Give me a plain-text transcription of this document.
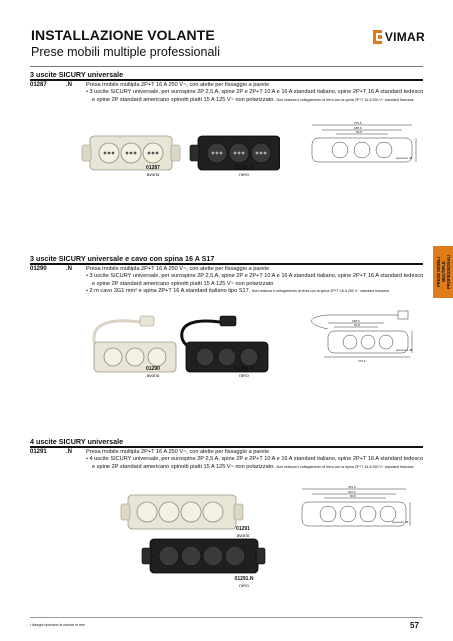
INSTALLAZIONE VOLANTE
Prese mobili multiple professionali
VIMAR
PRESE MOBILI MULTIPLE PROFESSIONALI
3 uscite SICURY universale
01287	.N	Presa mobile multipla 2P+T 16 A 250 V~, con alette per fissaggio a parete
• 3 uscite SICURY universale, per eurospine 2P 2,5 A, spine 2P e 2P+T 10 A e 16 A standard italiano, spine 2P+T 16 A standard tedesco e spine 2P standard americano spinotti piatti 15 A 125 V~ non polarizzato. Non realizza il collegamento di terra con la spina 2P+T 16 A 250 V~ standard francese.
01287
avorio
01287.N
nero
279,6
188,6
60,8
spessore 38
3 uscite SICURY universale e cavo con spina 16 A S17
01290	.N	Presa mobile multipla 2P+T 16 A 250 V~, con alette per fissaggio a parete
• 3 uscite SICURY universale, per eurospine 2P 2,5 A, spine 2P e 2P+T 10 A e 16 A standard italiano, spine 2P+T 16 A standard tedesco e spine 2P standard americano spinotti piatti 15 A 125 V~ non polarizzato
• 2 m cavo 3G1 mm² e spina 2P+T 16 A standard italiano tipo S17. Non realizza il collegamento di terra con la spina 2P+T 16 A 250 V~ standard francese.
01290
avorio
01290.N
nero
188,6
60,8
279,6
spessore 38
4 uscite SICURY universale
01291	.N	Presa mobile multipla 2P+T 16 A 250 V~, con alette per fissaggio a parete
• 4 uscite SICURY universale, per eurospine 2P 2,5 A, spine 2P e 2P+T 10 A e 16 A standard italiano, spine 2P+T 16 A standard tedesco e spine 2P standard americano spinotti piatti 15 A 125 V~ non polarizzato. Non realizza il collegamento di terra con la spina 2P+T 16 A 250 V~ standard francese.
01291
avorio
01291.N
nero
353,6
262,6
60,8
spessore 38
I disegni riportano le misure in mm	57
